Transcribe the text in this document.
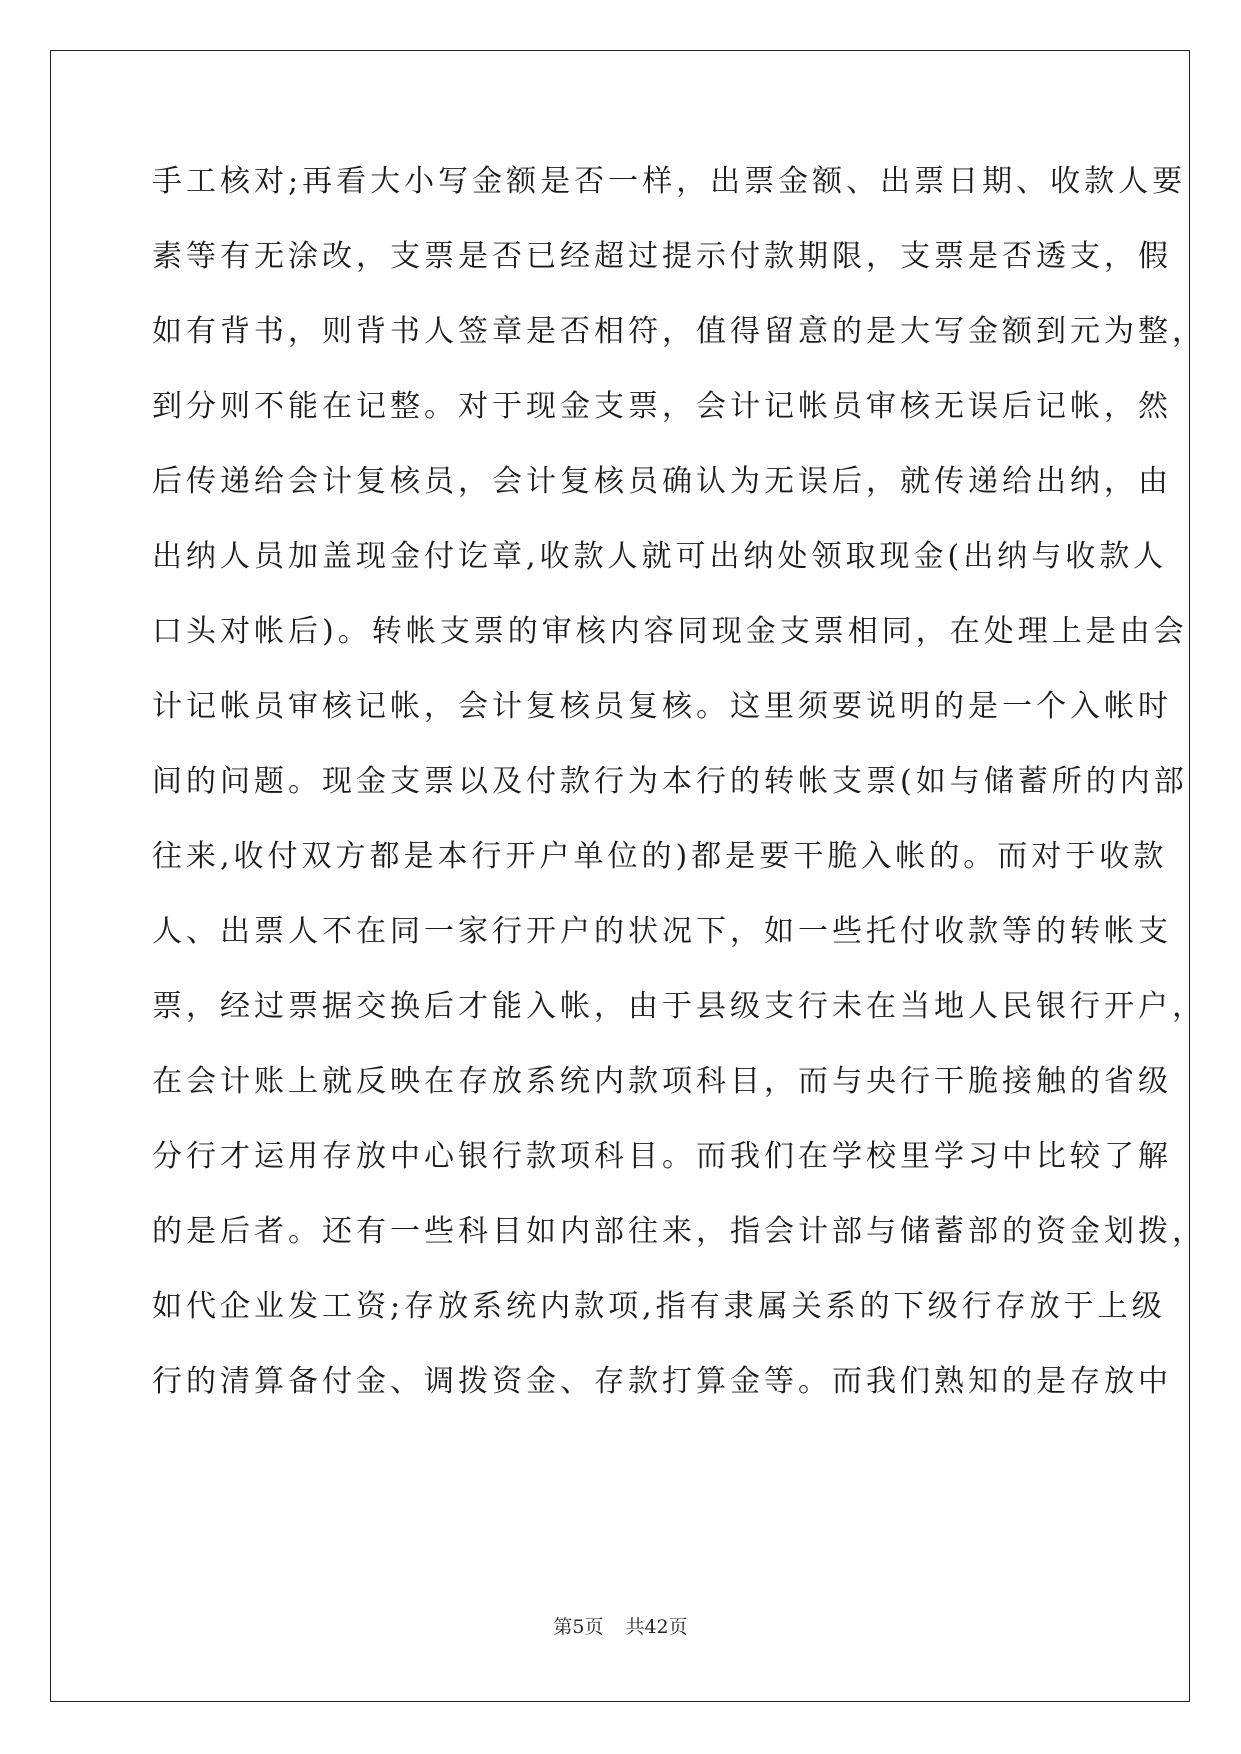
手工核对;再看大小写金额是否一样，出票金额、出票日期、收款人要
素等有无涂改，支票是否已经超过提示付款期限，支票是否透支，假
如有背书，则背书人签章是否相符，值得留意的是大写金额到元为整，
到分则不能在记整。对于现金支票，会计记帐员审核无误后记帐，然
后传递给会计复核员，会计复核员确认为无误后，就传递给出纳，由
出纳人员加盖现金付讫章,收款人就可出纳处领取现金(出纳与收款人
口头对帐后)。转帐支票的审核内容同现金支票相同，在处理上是由会
计记帐员审核记帐，会计复核员复核。这里须要说明的是一个入帐时
间的问题。现金支票以及付款行为本行的转帐支票(如与储蓄所的内部
往来,收付双方都是本行开户单位的)都是要干脆入帐的。而对于收款
人、出票人不在同一家行开户的状况下，如一些托付收款等的转帐支
票，经过票据交换后才能入帐，由于县级支行未在当地人民银行开户，
在会计账上就反映在存放系统内款项科目，而与央行干脆接触的省级
分行才运用存放中心银行款项科目。而我们在学校里学习中比较了解
的是后者。还有一些科目如内部往来，指会计部与储蓄部的资金划拨，
如代企业发工资;存放系统内款项,指有隶属关系的下级行存放于上级
行的清算备付金、调拨资金、存款打算金等。而我们熟知的是存放中
第5页 共42页
